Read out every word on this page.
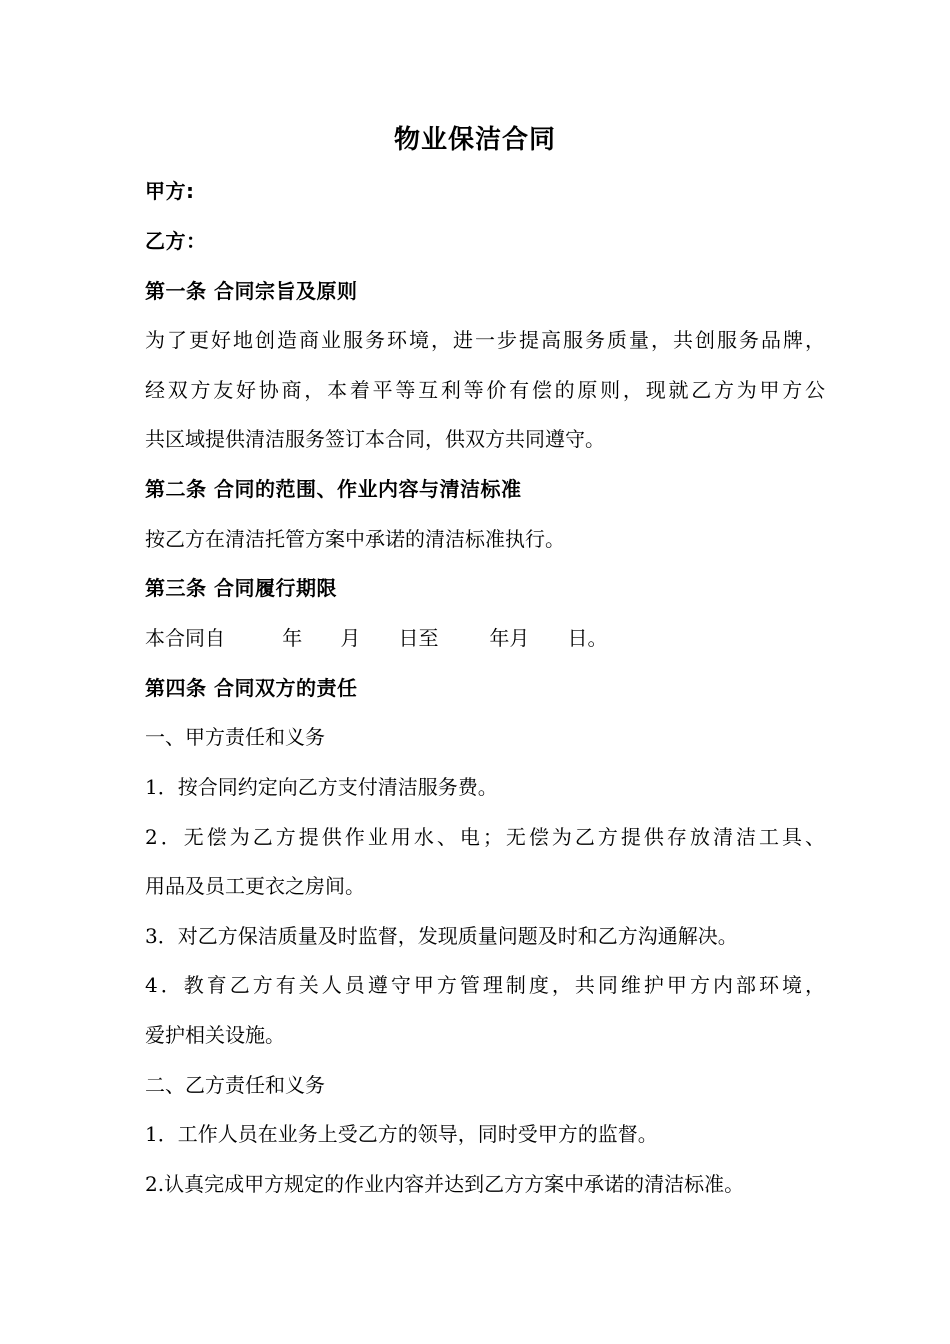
物业保洁合同
甲方:
乙方：
第一条 合同宗旨及原则
为了更好地创造商业服务环境，进一步提高服务质量，共创服务品牌，
经双方友好协商，本着平等互利等价有偿的原则，现就乙方为甲方公
共区域提供清洁服务签订本合同，供双方共同遵守。
第二条 合同的范围、作业内容与清洁标准
按乙方在清洁托管方案中承诺的清洁标准执行。
第三条 合同履行期限
本合同自         年      月      日至        年月      日。
第四条 合同双方的责任
一、甲方责任和义务
1．按合同约定向乙方支付清洁服务费。
2．无偿为乙方提供作业用水、电；无偿为乙方提供存放清洁工具、
用品及员工更衣之房间。
3．对乙方保洁质量及时监督，发现质量问题及时和乙方沟通解决。
4．教育乙方有关人员遵守甲方管理制度，共同维护甲方内部环境，
爱护相关设施。
二、乙方责任和义务
1．工作人员在业务上受乙方的领导，同时受甲方的监督。
2.认真完成甲方规定的作业内容并达到乙方方案中承诺的清洁标准。
